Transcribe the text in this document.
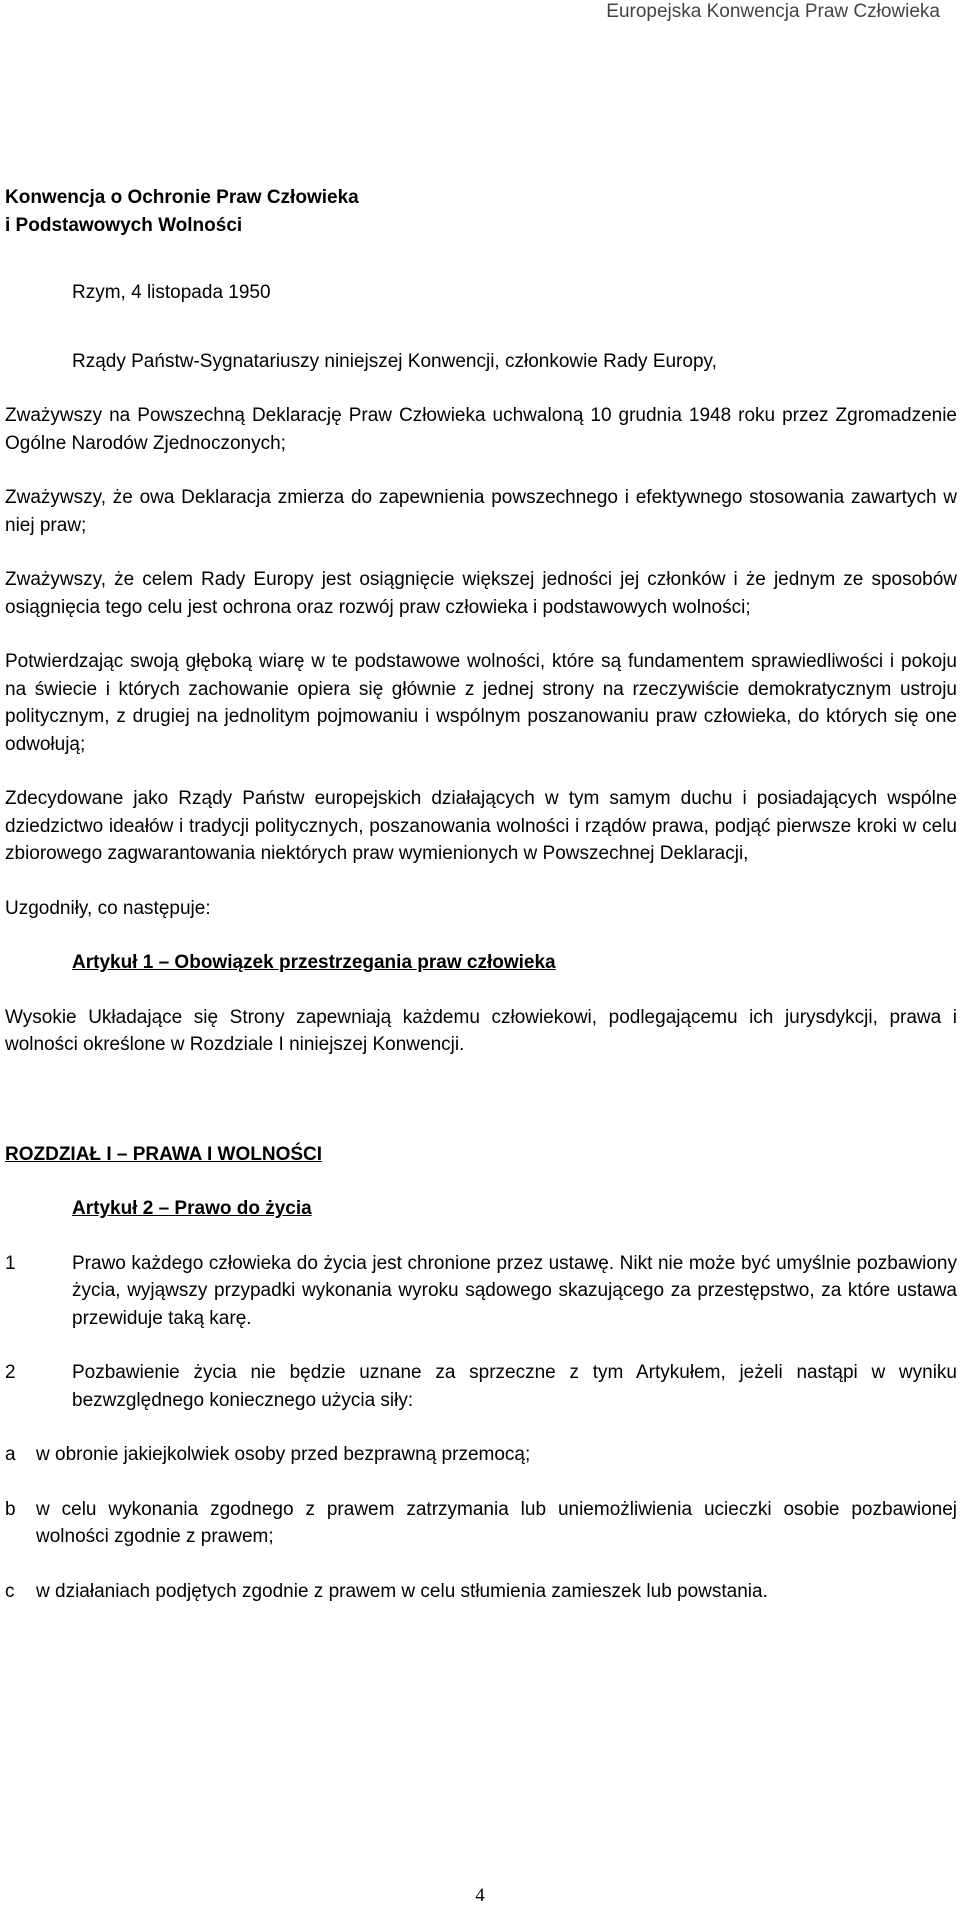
Europejska Konwencja Praw Człowieka

Konwencja o Ochronie Praw Człowieka

i Podstawowych Wolności

Rzym, 4 listopada 1950

Rządy Państw-Sygnatariuszy niniejszej Konwencji, członkowie Rady Europy,

Zważywszy na Powszechną Deklarację Praw Człowieka uchwaloną 10 grudnia 1948 roku przez Zgromadzenie Ogólne Narodów Zjednoczonych;

Zważywszy, że owa Deklaracja zmierza do zapewnienia powszechnego i efektywnego stosowania zawartych w niej praw;

Zważywszy, że celem Rady Europy jest osiągnięcie większej jedności jej członków i że jednym ze sposobów osiągnięcia tego celu jest ochrona oraz rozwój praw człowieka i podstawowych wolności;

Potwierdzając swoją głęboką wiarę w te podstawowe wolności, które są fundamentem sprawiedliwości i pokoju na świecie i których zachowanie opiera się głównie z jednej strony na rzeczywiście demokratycznym ustroju politycznym, z drugiej na jednolitym pojmowaniu i wspólnym poszanowaniu praw człowieka, do których się one odwołują;

Zdecydowane jako Rządy Państw europejskich działających w tym samym duchu i posiadających wspólne dziedzictwo ideałów i tradycji politycznych, poszanowania wolności i rządów prawa, podjąć pierwsze kroki w celu zbiorowego zagwarantowania niektórych praw wymienionych w Powszechnej Deklaracji,

Uzgodniły, co następuje:

Artykuł 1 – Obowiązek przestrzegania praw człowieka

Wysokie Układające się Strony zapewniają każdemu człowiekowi, podlegającemu ich jurysdykcji, prawa i wolności określone w Rozdziale I niniejszej Konwencji.

ROZDZIAŁ I – PRAWA I WOLNOŚCI

Artykuł 2 – Prawo do życia

1	Prawo każdego człowieka do życia jest chronione przez ustawę. Nikt nie może być umyślnie pozbawiony życia, wyjąwszy przypadki wykonania wyroku sądowego skazującego za przestępstwo, za które ustawa przewiduje taką karę.
2	Pozbawienie życia nie będzie uznane za sprzeczne z tym Artykułem, jeżeli nastąpi w wyniku bezwzględnego koniecznego użycia siły:
a	w obronie jakiejkolwiek osoby przed bezprawną przemocą;
b	w celu wykonania zgodnego z prawem zatrzymania lub uniemożliwienia ucieczki osobie pozbawionej wolności zgodnie z prawem;
c	w działaniach podjętych zgodnie z prawem w celu stłumienia zamieszek lub powstania.
4
